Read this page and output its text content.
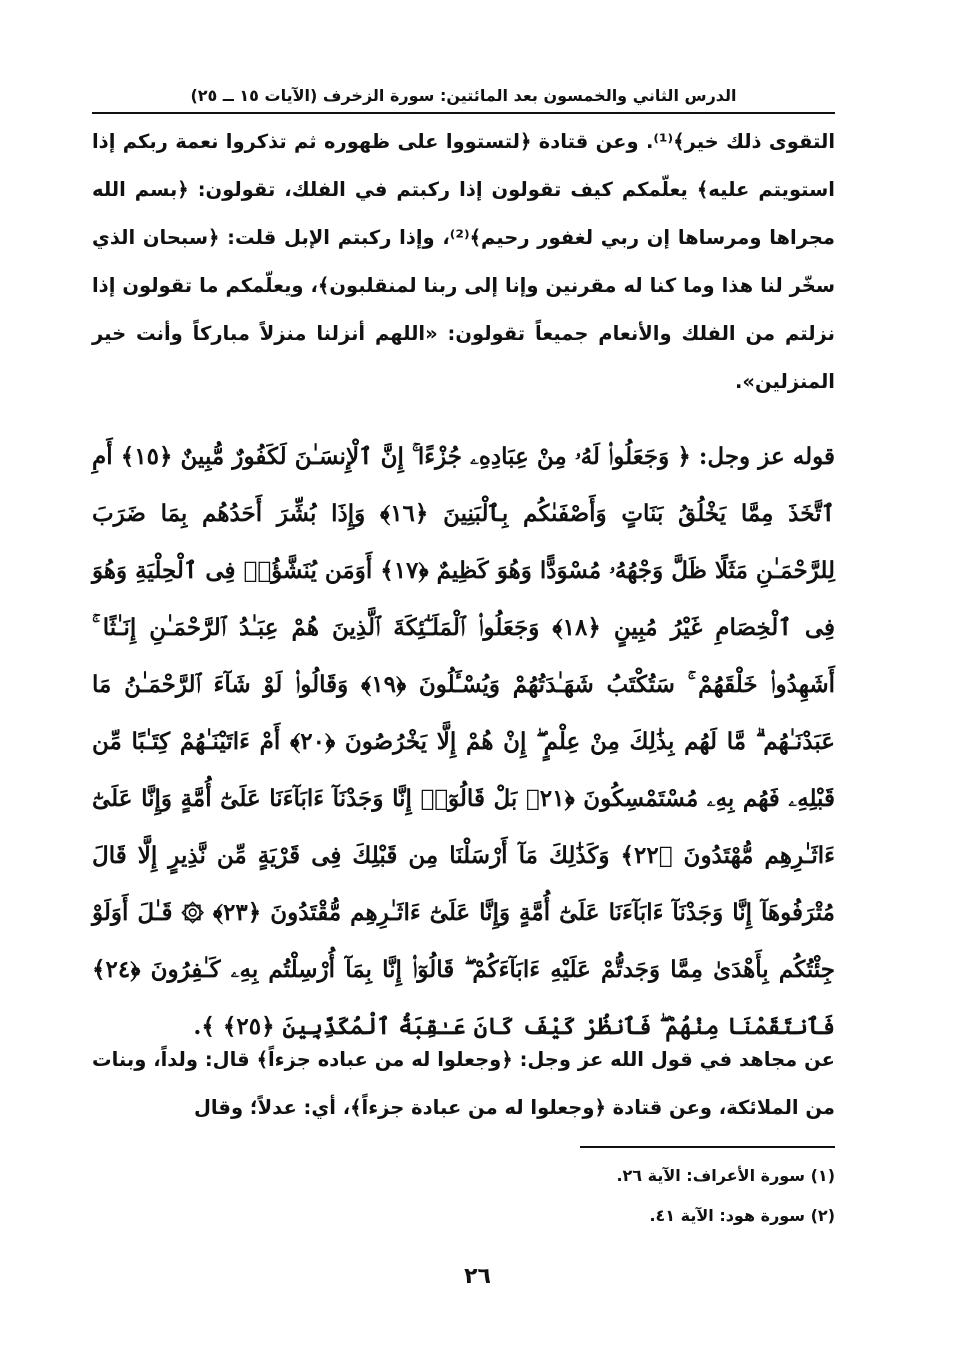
الدرس الثاني والخمسون بعد المائتين: سورة الزخرف (الآيات ١٥ ــ ٢٥)

التقوى ذلك خير﴾⁽¹⁾. وعن قتادة ﴿لتستووا على ظهوره ثم تذكروا نعمة ربكم إذا استويتم عليه﴾ يعلّمكم كيف تقولون إذا ركبتم في الفلك، تقولون: ﴿بسم الله مجراها ومرساها إن ربي لغفور رحيم﴾⁽²⁾، وإذا ركبتم الإبل قلت: ﴿سبحان الذي سخّر لنا هذا وما كنا له مقرنين وإنا إلى ربنا لمنقلبون﴾، ويعلّمكم ما تقولون إذا نزلتم من الفلك والأنعام جميعاً تقولون: «اللهم أنزلنا منزلاً مباركاً وأنت خير المنزلين».

قوله عز وجل: ﴿ وَجَعَلُوا۟ لَهُۥ مِنْ عِبَادِهِۦ جُزْءًا ۚ إِنَّ ٱلْإِنسَـٰنَ لَكَفُورٌ مُّبِينٌ ﴿١٥﴾ أَمِ ٱتَّخَذَ مِمَّا يَخْلُقُ بَنَاتٍ وَأَصْفَىٰكُم بِٱلْبَنِينَ ﴿١٦﴾ وَإِذَا بُشِّرَ أَحَدُهُم بِمَا ضَرَبَ لِلرَّحْمَـٰنِ مَثَلًا ظَلَّ وَجْهُهُۥ مُسْوَدًّا وَهُوَ كَظِيمٌ ﴿١٧﴾ أَوَمَن يُنَشَّؤُا۟ فِى ٱلْحِلْيَةِ وَهُوَ فِى ٱلْخِصَامِ غَيْرُ مُبِينٍ ﴿١٨﴾ وَجَعَلُوا۟ ٱلْمَلَـٰٓئِكَةَ ٱلَّذِينَ هُمْ عِبَـٰدُ ٱلرَّحْمَـٰنِ إِنَـٰثًا ۚ أَشَهِدُوا۟ خَلْقَهُمْ ۚ سَتُكْتَبُ شَهَـٰدَتُهُمْ وَيُسْـَٔلُونَ ﴿١٩﴾ وَقَالُوا۟ لَوْ شَآءَ ٱلرَّحْمَـٰنُ مَا عَبَدْنَـٰهُم ۗ مَّا لَهُم بِذَٰلِكَ مِنْ عِلْمٍ ۖ إِنْ هُمْ إِلَّا يَخْرُصُونَ ﴿٢٠﴾ أَمْ ءَاتَيْنَـٰهُمْ كِتَـٰبًا مِّن قَبْلِهِۦ فَهُم بِهِۦ مُسْتَمْسِكُونَ ﴿٢١﴾ بَلْ قَالُوٓا۟ إِنَّا وَجَدْنَآ ءَابَآءَنَا عَلَىٰٓ أُمَّةٍ وَإِنَّا عَلَىٰٓ ءَاثَـٰرِهِم مُّهْتَدُونَ ﴿٢٢﴾ وَكَذَٰلِكَ مَآ أَرْسَلْنَا مِن قَبْلِكَ فِى قَرْيَةٍ مِّن نَّذِيرٍ إِلَّا قَالَ مُتْرَفُوهَآ إِنَّا وَجَدْنَآ ءَابَآءَنَا عَلَىٰٓ أُمَّةٍ وَإِنَّا عَلَىٰٓ ءَاثَـٰرِهِم مُّقْتَدُونَ ﴿٢٣﴾ ۞ قَـٰلَ أَوَلَوْ جِئْتُكُم بِأَهْدَىٰ مِمَّا وَجَدتُّمْ عَلَيْهِ ءَابَآءَكُمْ ۖ قَالُوٓا۟ إِنَّا بِمَآ أُرْسِلْتُم بِهِۦ كَـٰفِرُونَ ﴿٢٤﴾ فَٱنتَقَمْنَا مِنْهُمْ ۖ فَٱنظُرْ كَيْفَ كَانَ عَـٰقِبَةُ ٱلْمُكَذِّبِينَ ﴿٢٥﴾ ﴾.

عن مجاهد في قول الله عز وجل: ﴿وجعلوا له من عباده جزءاً﴾ قال: ولداً، وبنات من الملائكة، وعن قتادة ﴿وجعلوا له من عبادة جزءاً﴾، أي: عدلاً؛ وقال

(١) سورة الأعراف: الآية ٢٦.
(٢) سورة هود: الآية ٤١.
٢٦
